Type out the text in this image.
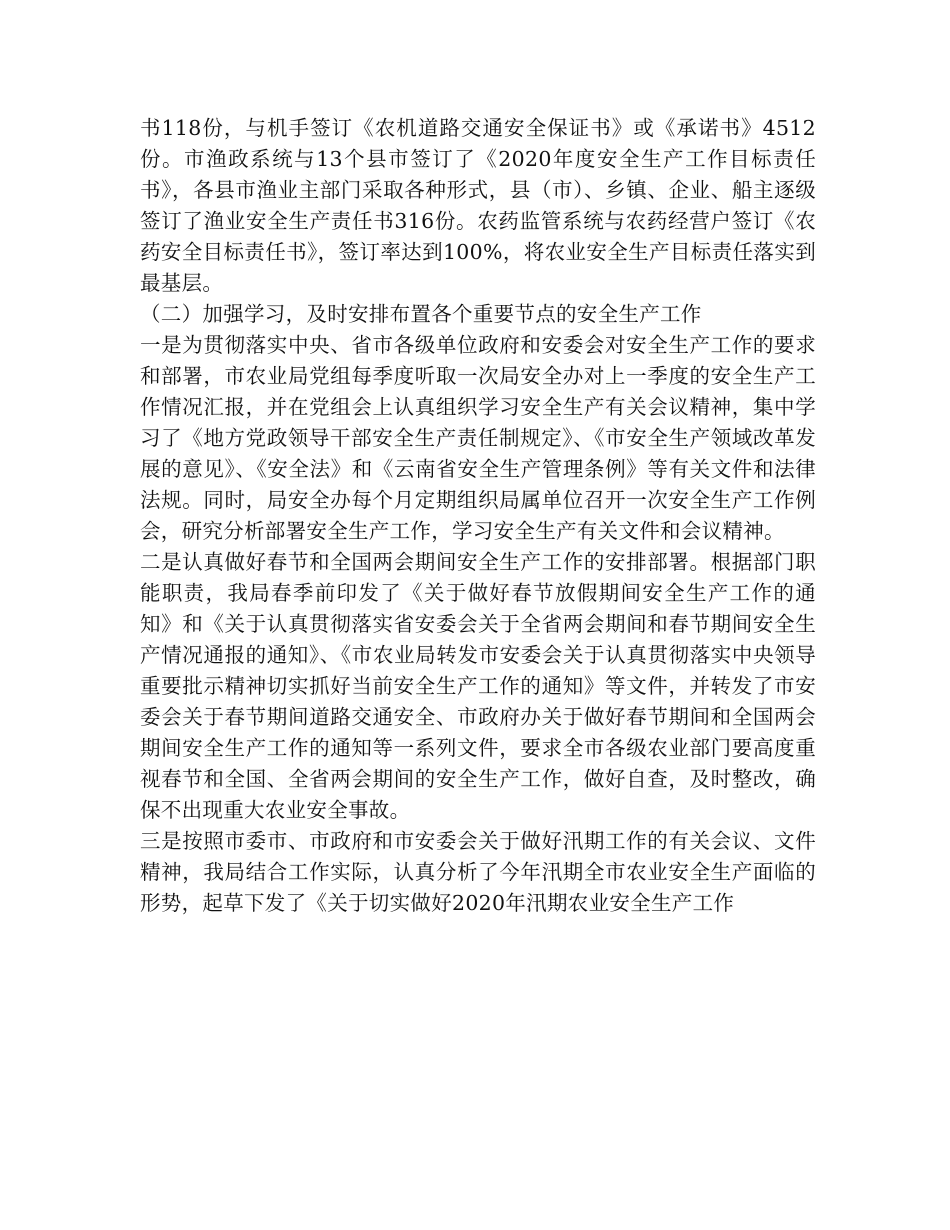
书118份，与机手签订《农机道路交通安全保证书》或《承诺书》4512份。市渔政系统与13个县市签订了《2020年度安全生产工作目标责任书》，各县市渔业主部门采取各种形式，县（市）、乡镇、企业、船主逐级签订了渔业安全生产责任书316份。农药监管系统与农药经营户签订《农药安全目标责任书》，签订率达到100%，将农业安全生产目标责任落实到最基层。

（二）加强学习，及时安排布置各个重要节点的安全生产工作

一是为贯彻落实中央、省市各级单位政府和安委会对安全生产工作的要求和部署，市农业局党组每季度听取一次局安全办对上一季度的安全生产工作情况汇报，并在党组会上认真组织学习安全生产有关会议精神，集中学习了《地方党政领导干部安全生产责任制规定》、《市安全生产领域改革发展的意见》、《安全法》和《云南省安全生产管理条例》等有关文件和法律法规。同时，局安全办每个月定期组织局属单位召开一次安全生产工作例会，研究分析部署安全生产工作，学习安全生产有关文件和会议精神。

二是认真做好春节和全国两会期间安全生产工作的安排部署。根据部门职能职责，我局春季前印发了《关于做好春节放假期间安全生产工作的通知》和《关于认真贯彻落实省安委会关于全省两会期间和春节期间安全生产情况通报的通知》、《市农业局转发市安委会关于认真贯彻落实中央领导重要批示精神切实抓好当前安全生产工作的通知》等文件，并转发了市安委会关于春节期间道路交通安全、市政府办关于做好春节期间和全国两会期间安全生产工作的通知等一系列文件，要求全市各级农业部门要高度重视春节和全国、全省两会期间的安全生产工作，做好自查，及时整改，确保不出现重大农业安全事故。

三是按照市委市、市政府和市安委会关于做好汛期工作的有关会议、文件精神，我局结合工作实际，认真分析了今年汛期全市农业安全生产面临的形势，起草下发了《关于切实做好2020年汛期农业安全生产工作
